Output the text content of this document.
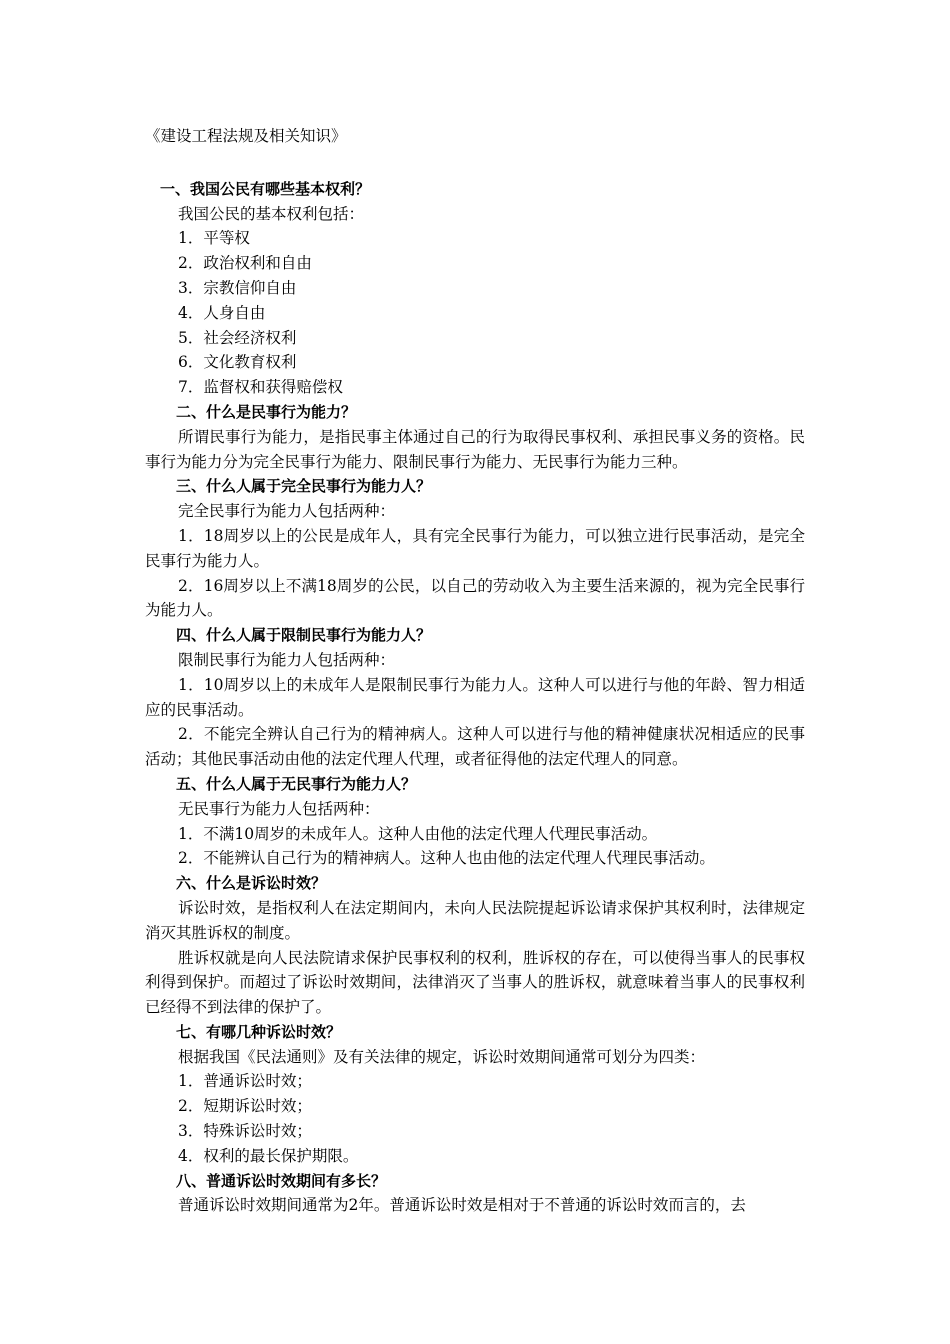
《建设工程法规及相关知识》
一、我国公民有哪些基本权利？
我国公民的基本权利包括：
1．平等权
2．政治权利和自由
3．宗教信仰自由
4．人身自由
5．社会经济权利
6．文化教育权利
7．监督权和获得赔偿权
二、什么是民事行为能力？
所谓民事行为能力，是指民事主体通过自己的行为取得民事权利、承担民事义务的资格。民事行为能力分为完全民事行为能力、限制民事行为能力、无民事行为能力三种。
三、什么人属于完全民事行为能力人？
完全民事行为能力人包括两种：
1．18周岁以上的公民是成年人，具有完全民事行为能力，可以独立进行民事活动，是完全民事行为能力人。
2．16周岁以上不满18周岁的公民，以自己的劳动收入为主要生活来源的，视为完全民事行为能力人。
四、什么人属于限制民事行为能力人？
限制民事行为能力人包括两种：
1．10周岁以上的未成年人是限制民事行为能力人。这种人可以进行与他的年龄、智力相适应的民事活动。
2．不能完全辨认自己行为的精神病人。这种人可以进行与他的精神健康状况相适应的民事活动；其他民事活动由他的法定代理人代理，或者征得他的法定代理人的同意。
五、什么人属于无民事行为能力人？
无民事行为能力人包括两种：
1．不满10周岁的未成年人。这种人由他的法定代理人代理民事活动。
2．不能辨认自己行为的精神病人。这种人也由他的法定代理人代理民事活动。
六、什么是诉讼时效？
诉讼时效，是指权利人在法定期间内，未向人民法院提起诉讼请求保护其权利时，法律规定消灭其胜诉权的制度。
胜诉权就是向人民法院请求保护民事权利的权利，胜诉权的存在，可以使得当事人的民事权利得到保护。而超过了诉讼时效期间，法律消灭了当事人的胜诉权，就意味着当事人的民事权利已经得不到法律的保护了。
七、有哪几种诉讼时效？
根据我国《民法通则》及有关法律的规定，诉讼时效期间通常可划分为四类：
1．普通诉讼时效；
2．短期诉讼时效；
3．特殊诉讼时效；
4．权利的最长保护期限。
八、普通诉讼时效期间有多长？
普通诉讼时效期间通常为2年。普通诉讼时效是相对于不普通的诉讼时效而言的，去
